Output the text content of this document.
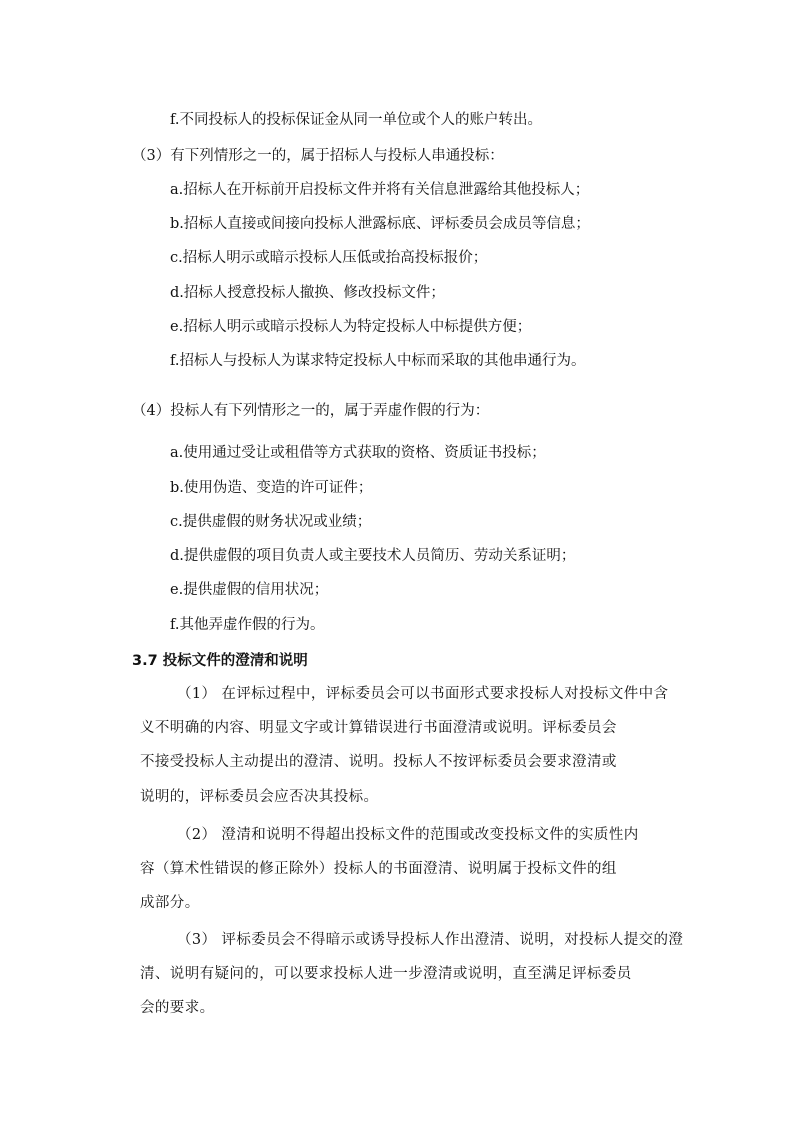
f.不同投标人的投标保证金从同一单位或个人的账户转出。

（3）有下列情形之一的，属于招标人与投标人串通投标：

a.招标人在开标前开启投标文件并将有关信息泄露给其他投标人；

b.招标人直接或间接向投标人泄露标底、评标委员会成员等信息；

c.招标人明示或暗示投标人压低或抬高投标报价；

d.招标人授意投标人撤换、修改投标文件；

e.招标人明示或暗示投标人为特定投标人中标提供方便；

f.招标人与投标人为谋求特定投标人中标而采取的其他串通行为。

（4）投标人有下列情形之一的，属于弄虚作假的行为：

a.使用通过受让或租借等方式获取的资格、资质证书投标；

b.使用伪造、变造的许可证件；

c.提供虚假的财务状况或业绩；

d.提供虚假的项目负责人或主要技术人员简历、劳动关系证明；

e.提供虚假的信用状况；

f.其他弄虚作假的行为。

3.7 投标文件的澄清和说明

（1） 在评标过程中，评标委员会可以书面形式要求投标人对投标文件中含

义不明确的内容、明显文字或计算错误进行书面澄清或说明。评标委员会

不接受投标人主动提出的澄清、说明。投标人不按评标委员会要求澄清或

说明的，评标委员会应否决其投标。

（2） 澄清和说明不得超出投标文件的范围或改变投标文件的实质性内

容（算术性错误的修正除外）投标人的书面澄清、说明属于投标文件的组

成部分。

（3） 评标委员会不得暗示或诱导投标人作出澄清、说明，对投标人提交的澄

清、说明有疑问的，可以要求投标人进一步澄清或说明，直至满足评标委员

会的要求。
